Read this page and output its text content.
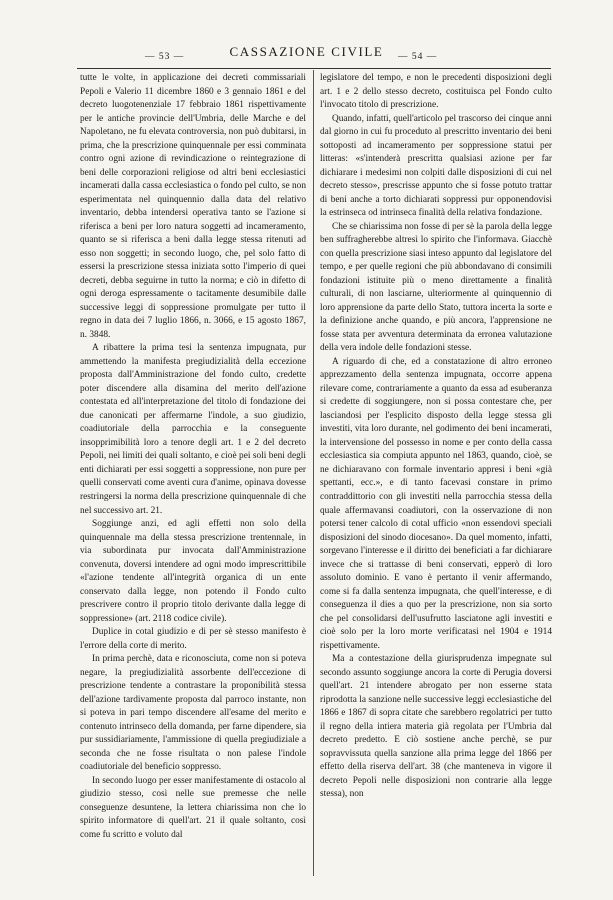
— 53 —	CASSAZIONE CIVILE	— 54 —

tutte le volte, in applicazione dei decreti commissariali Pepoli e Valerio 11 dicembre 1860 e 3 gennaio 1861 e del decreto luogotenenziale 17 febbraio 1861 rispettivamente per le antiche provincie dell'Umbria, delle Marche e del Napoletano, ne fu elevata controversia, non può dubitarsi, in prima, che la prescrizione quinquennale per essi comminata contro ogni azione di revindicazione o reintegrazione di beni delle corporazioni religiose od altri beni ecclesiastici incamerati dalla cassa ecclesiastica o fondo pel culto, se non esperimentata nel quinquennio dalla data del relativo inventario, debba intendersi operativa tanto se l'azione si riferisca a beni per loro natura soggetti ad incameramento, quanto se si riferisca a beni dalla legge stessa ritenuti ad esso non soggetti; in secondo luogo, che, pel solo fatto di essersi la prescrizione stessa iniziata sotto l'imperio di quei decreti, debba seguirne in tutto la norma; e ciò in difetto di ogni deroga espressamente o tacitamente desumibile dalle successive leggi di soppressione promulgate per tutto il regno in data dei 7 luglio 1866, n. 3066, e 15 agosto 1867, n. 3848.

A ribattere la prima tesi la sentenza impugnata, pur ammettendo la manifesta pregiudizialità della eccezione proposta dall'Amministrazione del fondo culto, credette poter discendere alla disamina del merito dell'azione contestata ed all'interpretazione del titolo di fondazione dei due canonicati per affermarne l'indole, a suo giudizio, coadiutoriale della parrocchia e la conseguente insopprimibilità loro a tenore degli art. 1 e 2 del decreto Pepoli, nei limiti dei quali soltanto, e cioè pei soli beni degli enti dichiarati per essi soggetti a soppressione, non pure per quelli conservati come aventi cura d'anime, opinava dovesse restringersi la norma della prescrizione quinquennale di che nel successivo art. 21.

Soggiunge anzi, ed agli effetti non solo della quinquennale ma della stessa prescrizione trentennale, in via subordinata pur invocata dall'Amministrazione convenuta, doversi intendere ad ogni modo imprescrittibile «l'azione tendente all'integrità organica di un ente conservato dalla legge, non potendo il Fondo culto prescrivere contro il proprio titolo derivante dalla legge di soppressione» (art. 2118 codice civile).

Duplice in cotal giudizio e di per sè stesso manifesto è l'errore della corte di merito.

In prima perchè, data e riconosciuta, come non si poteva negare, la pregiudizialità assorbente dell'eccezione di prescrizione tendente a contrastare la proponibilità stessa dell'azione tardivamente proposta dal parroco instante, non si poteva in pari tempo discendere all'esame del merito e contenuto intrinseco della domanda, per farne dipendere, sia pur sussidiariamente, l'ammissione di quella pregiudiziale a seconda che ne fosse risultata o non palese l'indole coadiutoriale del beneficio soppresso.

In secondo luogo per esser manifestamente di ostacolo al giudizio stesso, così nelle sue premesse che nelle conseguenze desuntene, la lettera chiarissima non che lo spirito informatore di quell'art. 21 il quale soltanto, così come fu scritto e voluto dal

legislatore del tempo, e non le precedenti disposizioni degli art. 1 e 2 dello stesso decreto, costituisca pel Fondo culto l'invocato titolo di prescrizione.

Quando, infatti, quell'articolo pel trascorso dei cinque anni dal giorno in cui fu proceduto al prescritto inventario dei beni sottoposti ad incameramento per soppressione statui per litteras: «s'intenderà prescritta qualsiasi azione per far dichiarare i medesimi non colpiti dalle disposizioni di cui nel decreto stesso», prescrisse appunto che si fosse potuto trattar di beni anche a torto dichiarati soppressi pur opponendovisi la estrinseca od intrinseca finalità della relativa fondazione.

Che se chiarissima non fosse di per sè la parola della legge ben suffragherebbe altresì lo spirito che l'informava. Giacchè con quella prescrizione siasi inteso appunto dal legislatore del tempo, e per quelle regioni che più abbondavano di consimili fondazioni istituite più o meno direttamente a finalità culturali, di non lasciarne, ulteriormente al quinquennio di loro apprensione da parte dello Stato, tuttora incerta la sorte e la definizione anche quando, e più ancora, l'apprensione ne fosse stata per avventura determinata da erronea valutazione della vera indole delle fondazioni stesse.

A riguardo di che, ed a constatazione di altro erroneo apprezzamento della sentenza impugnata, occorre appena rilevare come, contrariamente a quanto da essa ad esuberanza si credette di soggiungere, non si possa contestare che, per lasciandosi per l'esplicito disposto della legge stessa gli investiti, vita loro durante, nel godimento dei beni incamerati, la intervensione del possesso in nome e per conto della cassa ecclesiastica sia compiuta appunto nel 1863, quando, cioè, se ne dichiaravano con formale inventario appresi i beni «già spettanti, ecc.», e di tanto facevasi constare in primo contraddittorio con gli investiti nella parrocchia stessa della quale affermavansi coadiutori, con la osservazione di non potersi tener calcolo di cotal ufficio «non essendovi speciali disposizioni del sinodo diocesano». Da quel momento, infatti, sorgevano l'interesse e il diritto dei beneficiati a far dichiarare invece che si trattasse di beni conservati, epperò di loro assoluto dominio. E vano è pertanto il venir affermando, come si fa dalla sentenza impugnata, che quell'interesse, e di conseguenza il dies a quo per la prescrizione, non sia sorto che pel consolidarsi dell'usufrutto lasciatone agli investiti e cioè solo per la loro morte verificatasi nel 1904 e 1914 rispettivamente.

Ma a contestazione della giurisprudenza impegnate sul secondo assunto soggiunge ancora la corte di Perugia doversi quell'art. 21 intendere abrogato per non esserne stata riprodotta la sanzione nelle successive leggi ecclesiastiche del 1866 e 1867 di sopra citate che sarebbero regolatrici per tutto il regno della intiera materia già regolata per l'Umbria dal decreto predetto. E ciò sostiene anche perchè, se pur sopravvissuta quella sanzione alla prima legge del 1866 per effetto della riserva dell'art. 38 (che manteneva in vigore il decreto Pepoli nelle disposizioni non contrarie alla legge stessa), non
